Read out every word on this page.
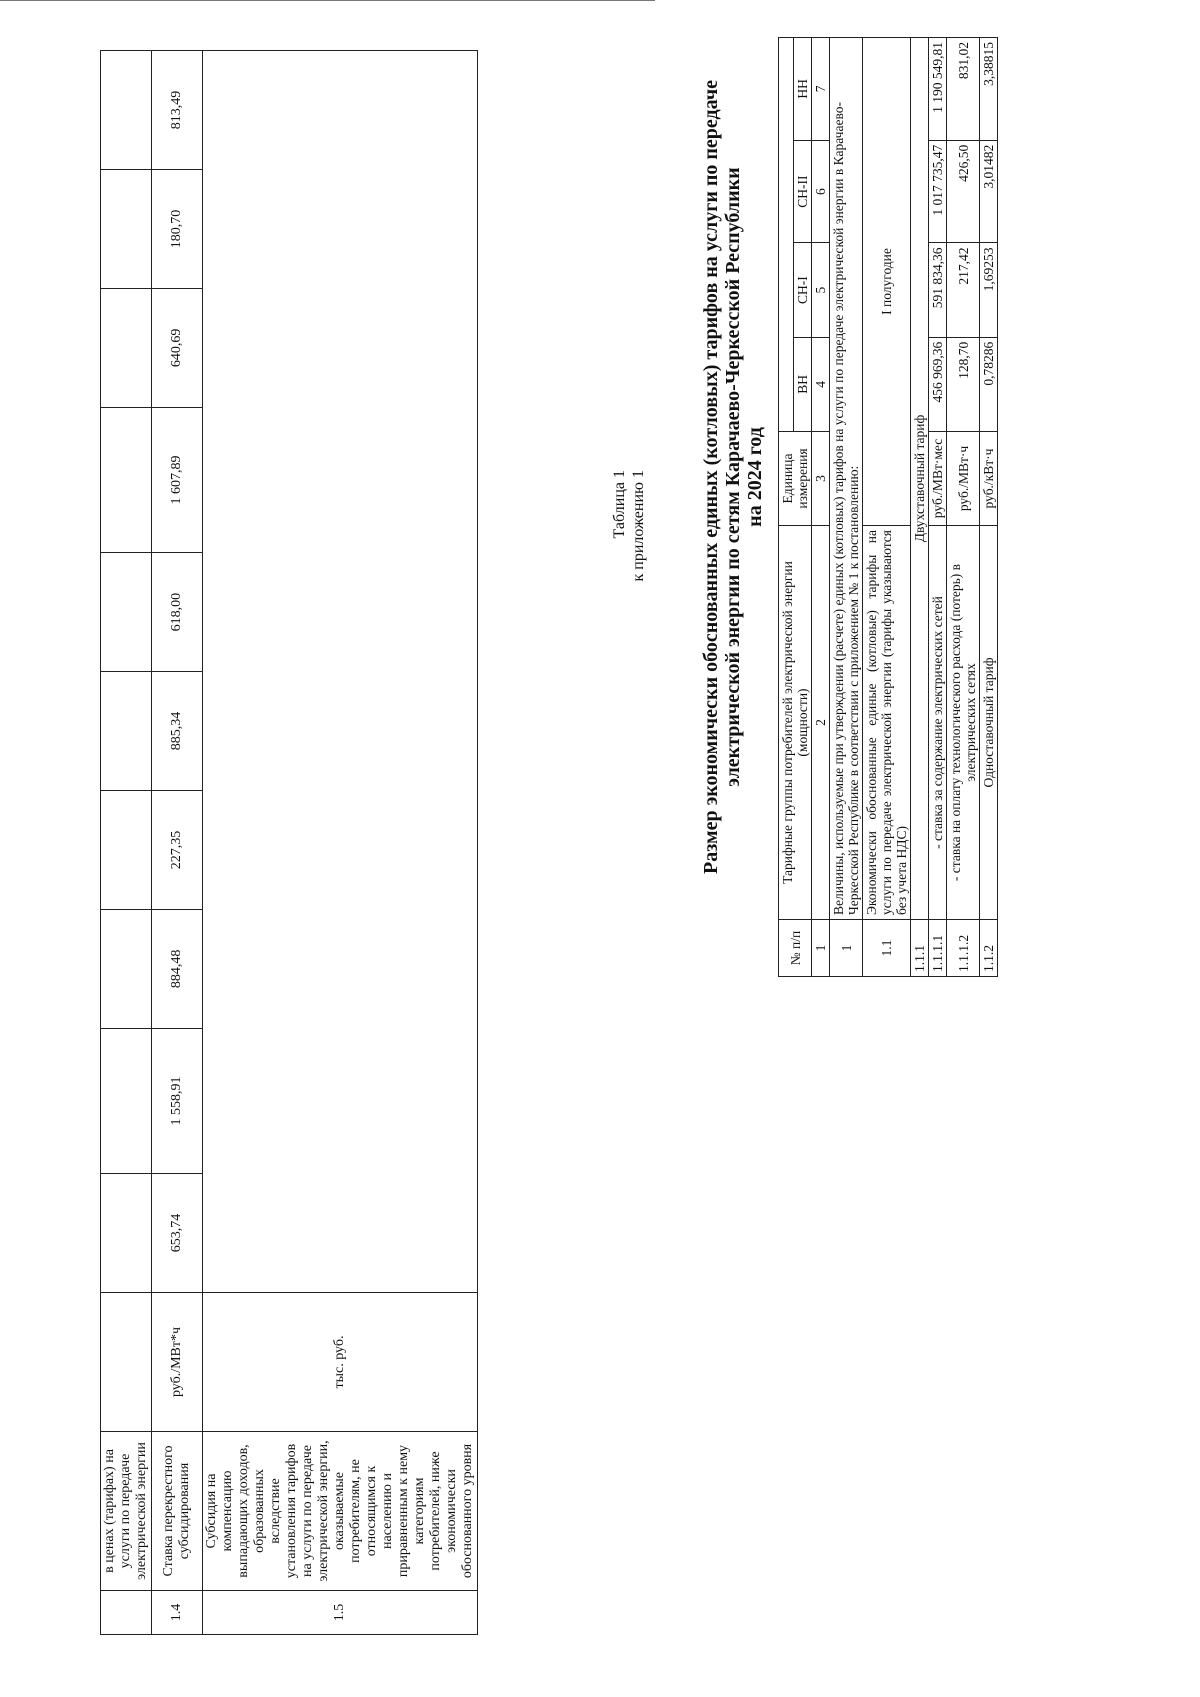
	в ценах (тарифах) на услуги по передаче электрической энергии											
1.4	Ставка перекрестного субсидирования	руб./МВт*ч	653,74	1 558,91	884,48	227,35	885,34	618,00	1 607,89	640,69	180,70	813,49
1.5	Субсидия на компенсацию выпадающих доходов, образованных вследствие установления тарифов на услуги по передаче электрической энергии, оказываемые потребителям, не относящимся к населению и приравненным к нему категориям потребителей, ниже экономически обоснованного уровня	тыс. руб.										
Таблица 1 к приложению 1	Размер экономически обоснованных единых (котловых) тарифов на услуги по передаче электрической энергии по сетям Карачаево-Черкесской Республики на 2024 год
№ п/п	Тарифные группы потребителей электрической энергии (мощности)	Единица измерения				
			ВН	СН-I	СН-II	НН
1	2	3	4	5	6	7
1	Величины, используемые при утверждении (расчете) единых (котловых) тарифов на услуги по передаче электрической энергии в Карачаево-Черкесской Республике в соответствии с приложением № 1 к постановлению:					
1.1	Экономически обоснованные единые (котловые) тарифы на услуги по передаче электрической энергии (тарифы указываются без учета НДС)	I полугодие				
1.1.1	Двухставочный тариф					
1.1.1.1	- ставка за содержание электрических сетей	руб./МВт·мес	456 969,36	591 834,36	1 017 735,47	1 190 549,81
1.1.1.2	- ставка на оплату технологического расхода (потерь) в электрических сетях	руб./МВт·ч	128,70	217,42	426,50	831,02
1.1.2	Одноставочный тариф	руб./кВт·ч	0,78286	1,69253	3,01482	3,38815
